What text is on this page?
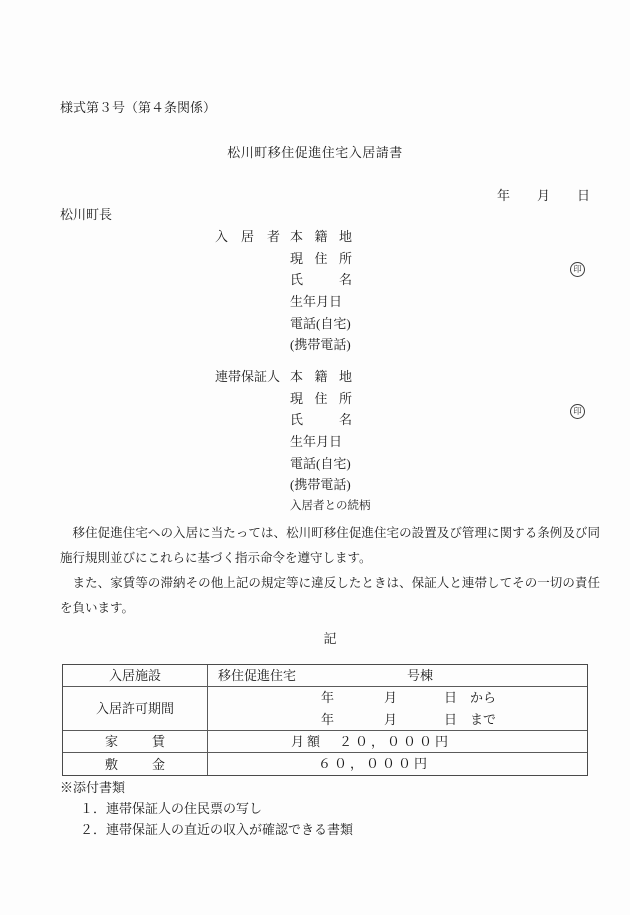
様式第３号（第４条関係）
松川町移住促進住宅入居請書
年 月 日
松川町長
入　居　者 本籍地
現住所
氏名
生年月日
電話(自宅)
(携帯電話)
印
連帯保証人 本籍地
現住所
氏名
生年月日
電話(自宅)
(携帯電話)
入居者との続柄
印
　移住促進住宅への入居に当たっては、松川町移住促進住宅の設置及び管理に関する条例及び同
施行規則並びにこれらに基づく指示命令を遵守します。
　また、家賃等の滞納その他上記の規定等に違反したときは、保証人と連帯してその一切の責任
を負います。
記
入居施設	移住促進住宅	号棟
入居許可期間
年	月	日 から
年	月	日 まで
家賃	月額　２０，０００円
敷金	６０，０００円
※添付書類
１．連帯保証人の住民票の写し
２．連帯保証人の直近の収入が確認できる書類
